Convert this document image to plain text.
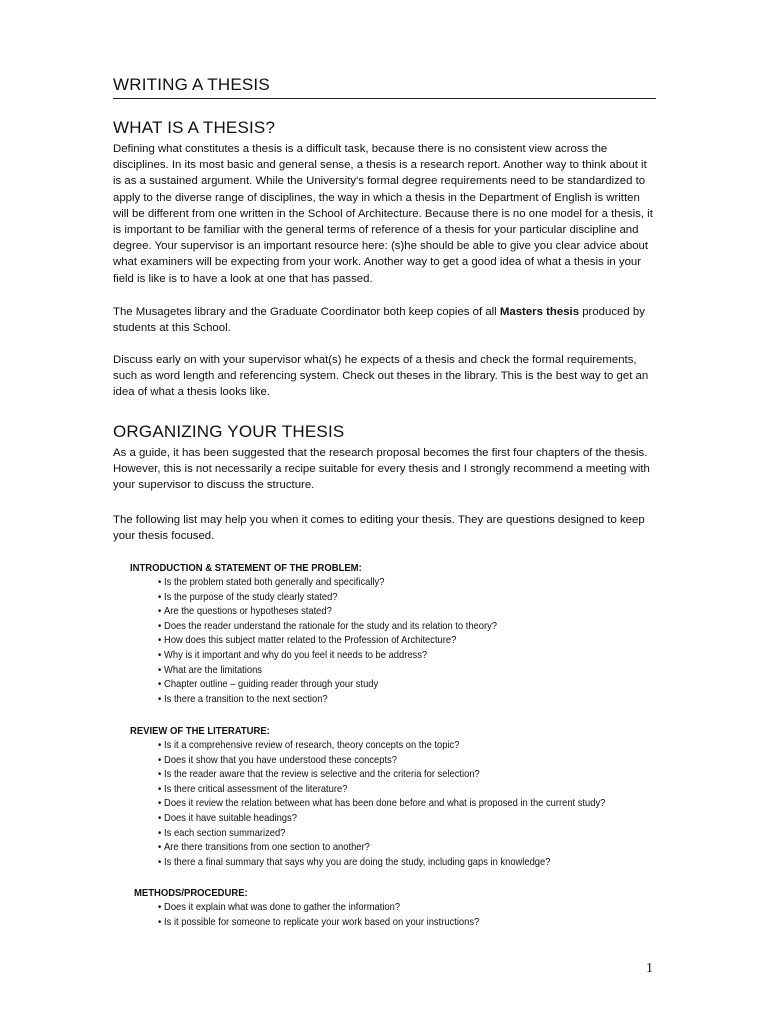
WRITING A THESIS
WHAT IS A THESIS?
Defining what constitutes a thesis is a difficult task, because there is no consistent view across the disciplines. In its most basic and general sense, a thesis is a research report. Another way to think about it is as a sustained argument. While the University's formal degree requirements need to be standardized to apply to the diverse range of disciplines, the way in which a thesis in the Department of English is written will be different from one written in the School of Architecture. Because there is no one model for a thesis, it is important to be familiar with the general terms of reference of a thesis for your particular discipline and degree. Your supervisor is an important resource here: (s)he should be able to give you clear advice about what examiners will be expecting from your work. Another way to get a good idea of what a thesis in your field is like is to have a look at one that has passed.
The Musagetes library and the Graduate Coordinator both keep copies of all Masters thesis produced by students at this School.
Discuss early on with your supervisor what(s) he expects of a thesis and check the formal requirements, such as word length and referencing system. Check out theses in the library. This is the best way to get an idea of what a thesis looks like.
ORGANIZING YOUR THESIS
As a guide, it has been suggested that the research proposal becomes the first four chapters of the thesis. However, this is not necessarily a recipe suitable for every thesis and I strongly recommend a meeting with your supervisor to discuss the structure.
The following list may help you when it comes to editing your thesis. They are questions designed to keep your thesis focused.
INTRODUCTION & STATEMENT OF THE PROBLEM:
• Is the problem stated both generally and specifically?
• Is the purpose of the study clearly stated?
• Are the questions or hypotheses stated?
• Does the reader understand the rationale for the study and its relation to theory?
• How does this subject matter related to the Profession of Architecture?
• Why is it important and why do you feel it needs to be address?
• What are the limitations
• Chapter outline – guiding reader through your study
• Is there a transition to the next section?
REVIEW OF THE LITERATURE:
• Is it a comprehensive review of research, theory concepts on the topic?
• Does it show that you have understood these concepts?
• Is the reader aware that the review is selective and the criteria for selection?
• Is there critical assessment of the literature?
• Does it review the relation between what has been done before and what is proposed in the current study?
• Does it have suitable headings?
• Is each section summarized?
• Are there transitions from one section to another?
• Is there a final summary that says why you are doing the study, including gaps in knowledge?
METHODS/PROCEDURE:
• Does it explain what was done to gather the information?
• Is it possible for someone to replicate your work based on your instructions?
1
